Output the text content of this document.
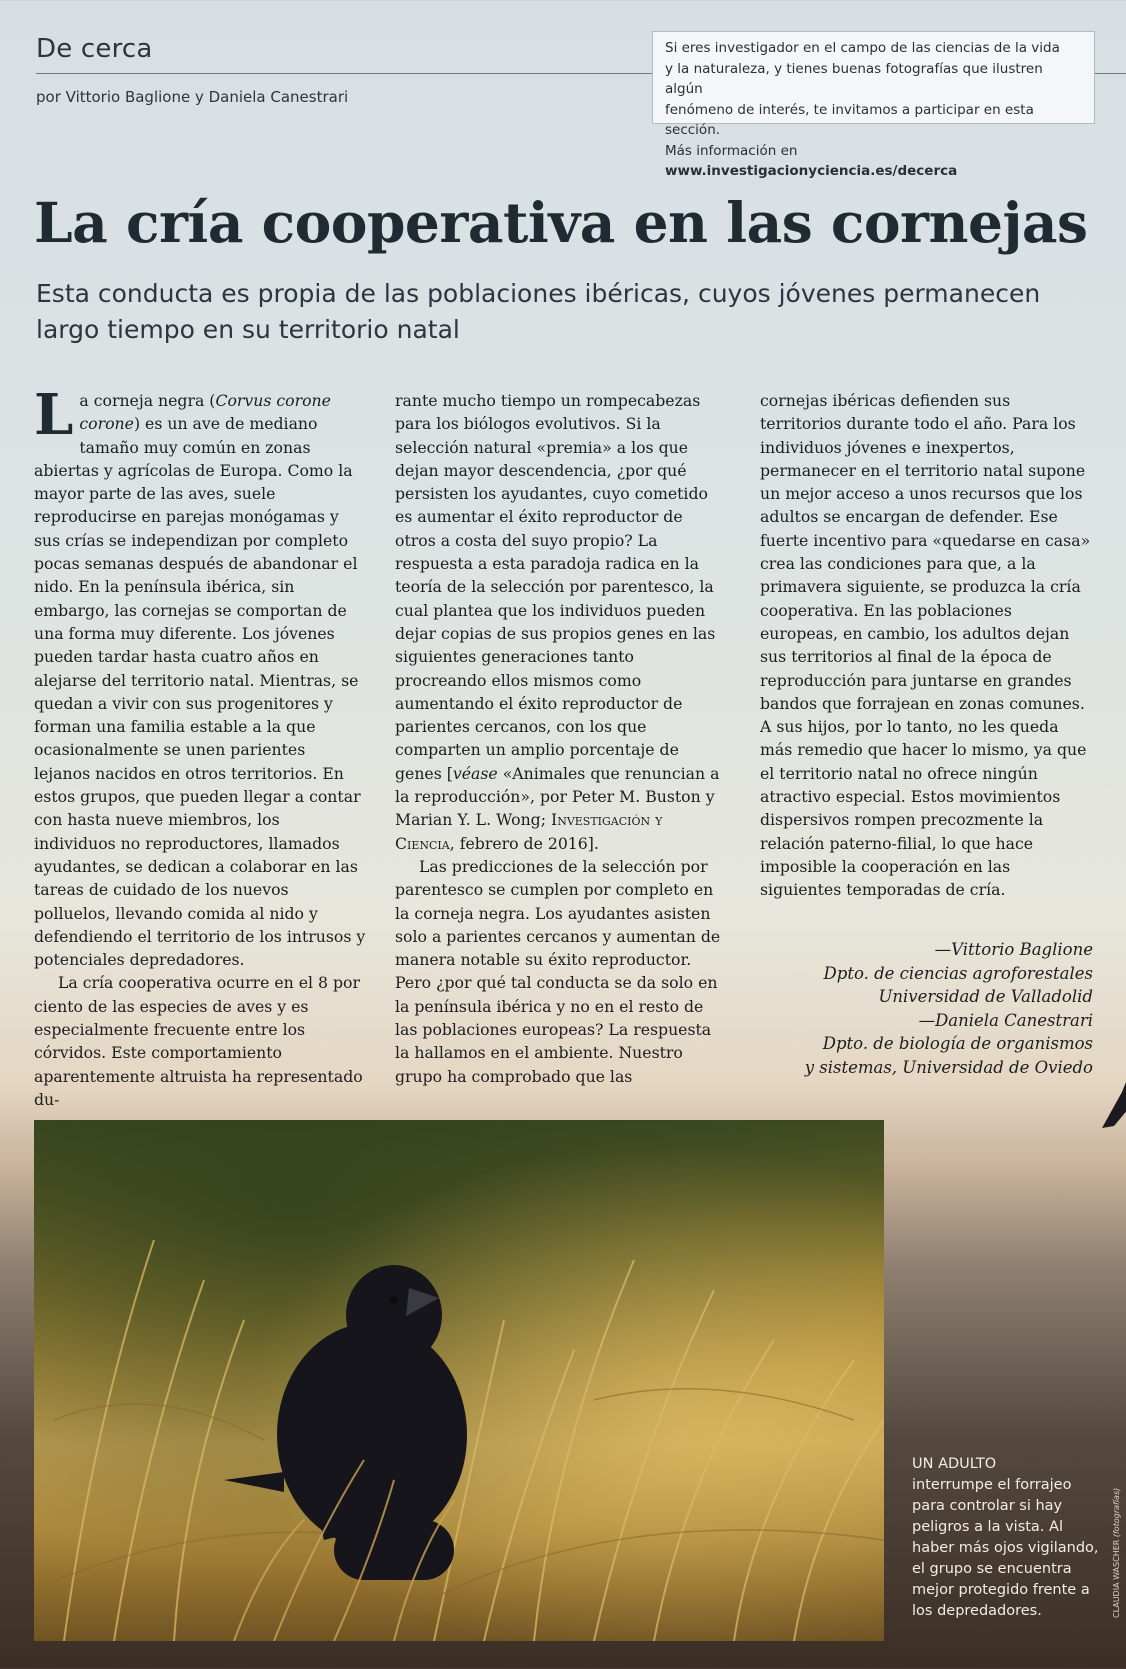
De cerca
por Vittorio Baglione y Daniela Canestrari
Si eres investigador en el campo de las ciencias de la vida
y la naturaleza, y tienes buenas fotografías que ilustren algún
fenómeno de interés, te invitamos a participar en esta sección.
Más información en www.investigacionyciencia.es/decerca
La cría cooperativa en las cornejas
Esta conducta es propia de las poblaciones ibéricas, cuyos jóvenes permanecen largo tiempo en su territorio natal

La corneja negra (Corvus corone corone) es un ave de mediano tamaño muy común en zonas abiertas y agrícolas de Europa. Como la mayor parte de las aves, suele reproducirse en parejas monógamas y sus crías se independizan por completo pocas semanas después de abandonar el nido. En la península ibérica, sin embargo, las cornejas se comportan de una forma muy diferente. Los jóvenes pueden tardar hasta cuatro años en alejarse del territorio natal. Mientras, se quedan a vivir con sus progenitores y forman una familia estable a la que ocasionalmente se unen parientes lejanos nacidos en otros territorios. En estos grupos, que pueden llegar a contar con hasta nueve miembros, los individuos no reproductores, llamados ayudantes, se dedican a colaborar en las tareas de cuidado de los nuevos polluelos, llevando comida al nido y defendiendo el territorio de los intrusos y potenciales depredadores.

La cría cooperativa ocurre en el 8 por ciento de las especies de aves y es especialmente frecuente entre los córvidos. Este comportamiento aparentemente altruista ha representado du-

rante mucho tiempo un rompecabezas para los biólogos evolutivos. Si la selección natural «premia» a los que dejan mayor descendencia, ¿por qué persisten los ayudantes, cuyo cometido es aumentar el éxito reproductor de otros a costa del suyo propio? La respuesta a esta paradoja radica en la teoría de la selección por parentesco, la cual plantea que los individuos pueden dejar copias de sus propios genes en las siguientes generaciones tanto procreando ellos mismos como aumentando el éxito reproductor de parientes cercanos, con los que comparten un amplio porcentaje de genes [véase «Animales que renuncian a la reproducción», por Peter M. Buston y Marian Y. L. Wong; Investigación y Ciencia, febrero de 2016].

Las predicciones de la selección por parentesco se cumplen por completo en la corneja negra. Los ayudantes asisten solo a parientes cercanos y aumentan de manera notable su éxito reproductor. Pero ¿por qué tal conducta se da solo en la península ibérica y no en el resto de las poblaciones europeas? La respuesta la hallamos en el ambiente. Nuestro grupo ha comprobado que las

cornejas ibéricas defienden sus territorios durante todo el año. Para los individuos jóvenes e inexpertos, permanecer en el territorio natal supone un mejor acceso a unos recursos que los adultos se encargan de defender. Ese fuerte incentivo para «quedarse en casa» crea las condiciones para que, a la primavera siguiente, se produzca la cría cooperativa. En las poblaciones europeas, en cambio, los adultos dejan sus territorios al final de la época de reproducción para juntarse en grandes bandos que forrajean en zonas comunes. A sus hijos, por lo tanto, no les queda más remedio que hacer lo mismo, ya que el territorio natal no ofrece ningún atractivo especial. Estos movimientos dispersivos rompen precozmente la relación paterno-filial, lo que hace imposible la cooperación en las siguientes temporadas de cría.

—Vittorio Baglione
Dpto. de ciencias agroforestales
Universidad de Valladolid
—Daniela Canestrari
Dpto. de biología de organismos
y sistemas, Universidad de Oviedo
UN ADULTO
interrumpe el forrajeo para controlar si hay peligros a la vista. Al haber más ojos vigilando, el grupo se encuentra mejor protegido frente a los depredadores.	CLAUDIA WASCHER (fotografías)
